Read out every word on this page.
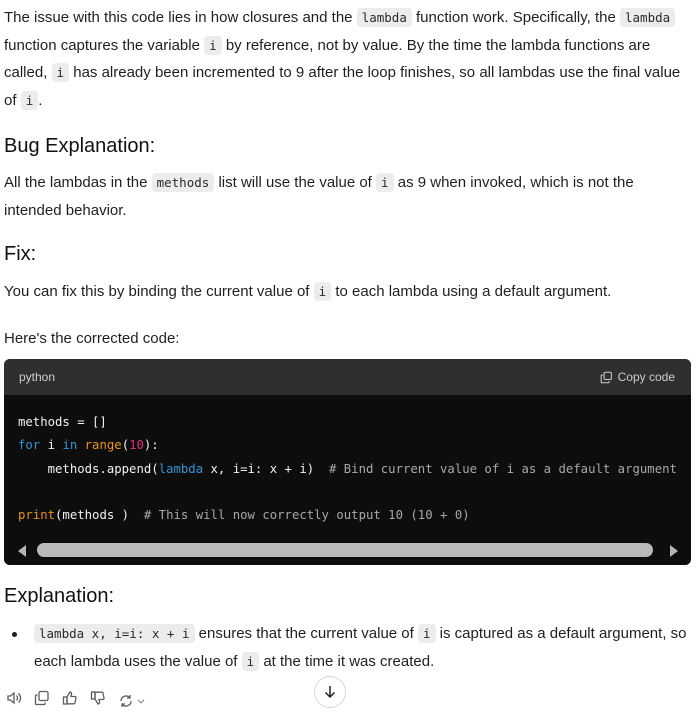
The issue with this code lies in how closures and the lambda function work. Specifically, the lambda function captures the variable i by reference, not by value. By the time the lambda functions are called, i has already been incremented to 9 after the loop finishes, so all lambdas use the final value of i .

Bug Explanation:

All the lambdas in the methods list will use the value of i as 9 when invoked, which is not the intended behavior.

Fix:

You can fix this by binding the current value of i to each lambda using a default argument.

Here's the corrected code:

Explanation:

lambda x, i=i: x + i ensures that the current value of i is captured as a default argument, so each lambda uses the value of i at the time it was created.

python	Copy code
methods = []
for i in range(10):
methods.append(lambda x, i=i: x + i)  # Bind current value of i as a default argument

print(methods )  # This will now correctly output 10 (10 + 0)
